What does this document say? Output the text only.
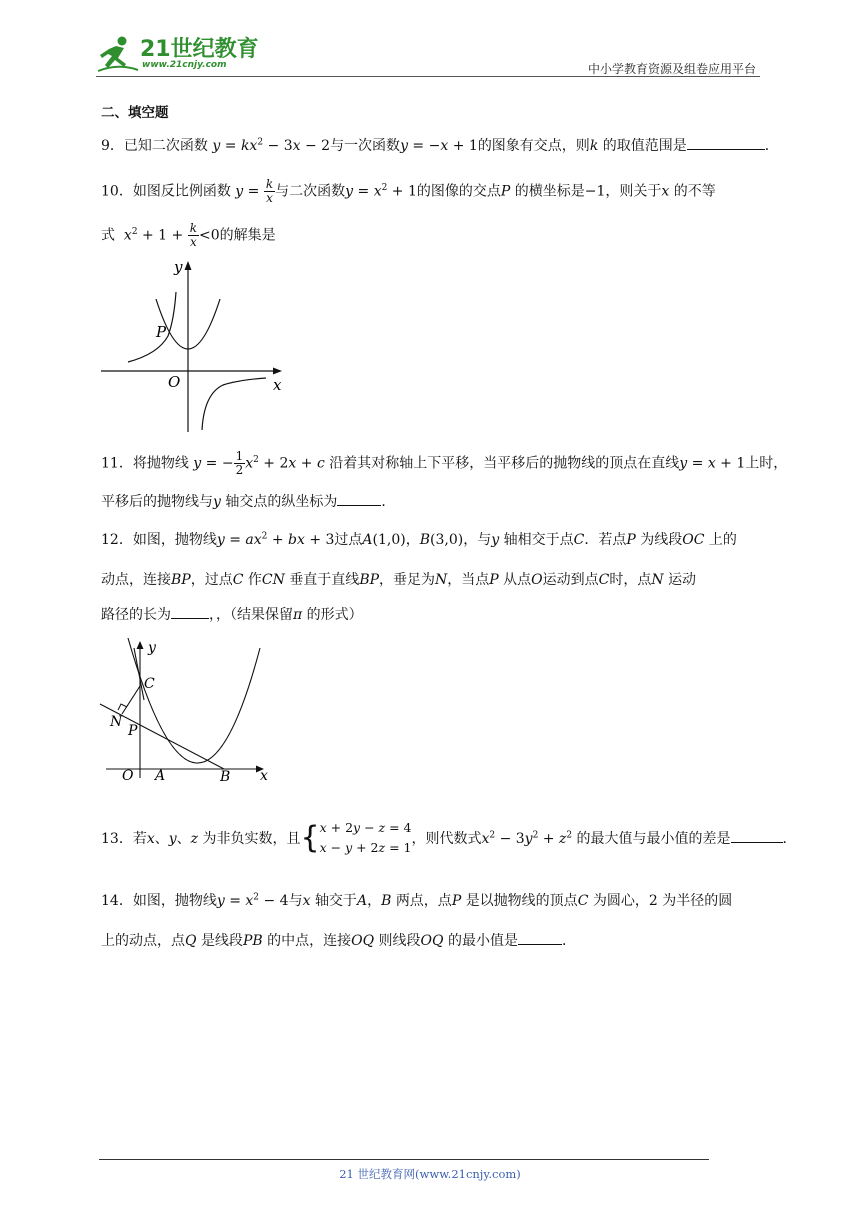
21世纪教育
www.21cnjy.com	中小学教育资源及组卷应用平台
二、填空题
9．已知二次函数 $y = kx^2 - 3x - 2$与一次函数y = −x + 1的图象有交点，则k 的取值范围是	．
10．如图反比例函数 $y = \frac{k}{x}$ 与二次函数$y = x^2 + 1$的图像的交点P 的横坐标是−1，则关于x 的不等
式 $x^2 + 1 + \frac{k}{x} <0$的解集是
y
x
O
P
11．将抛物线 y = − $\frac{1}{2} x^2 + 2x + c$ 沿着其对称轴上下平移，当平移后的抛物线的顶点在直线y = x + 1上时，
平移后的抛物线与y 轴交点的纵坐标为	．
12．如图，抛物线$y = ax^2$ + bx + 3过点A(1,0)，B(3,0)，与y 轴相交于点C．若点P 为线段OC 上的
动点，连接BP，过点C 作CN 垂直于直线BP，垂足为N，当点P 从点O运动到点C时，点N 运动
路径的长为	，，（结果保留π 的形式）
y
x
O A	B
C
N
P
13．若x、y、z 为非负实数，且{x + 2y − z = 4
x − y + 2z = 1，则代数式$x^2 - 3y^2 + z^2$ 的最大值与最小值的差是	．
14．如图，抛物线$y = x^2 - 4$与x 轴交于A，B 两点，点P 是以抛物线的顶点C 为圆心，2 为半径的圆
上的动点，点Q 是线段PB 的中点，连接OQ 则线段OQ 的最小值是	．
21 世纪教育网(www.21cnjy.com)
